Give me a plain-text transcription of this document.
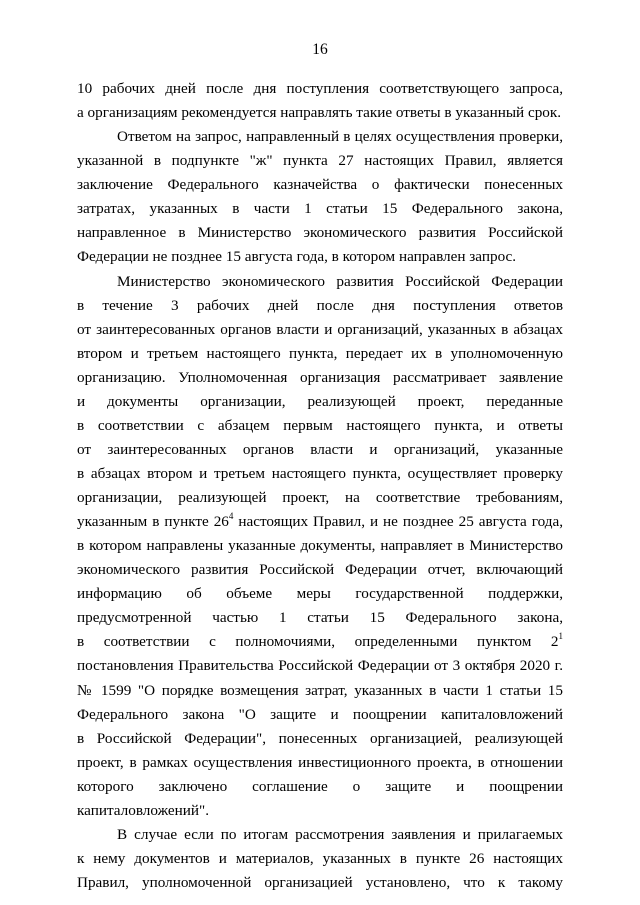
16
10 рабочих дней после дня поступления соответствующего запроса,
а организациям рекомендуется направлять такие ответы в указанный срок.
Ответом на запрос, направленный в целях осуществления проверки,
указанной в подпункте "ж" пункта 27 настоящих Правил, является
заключение Федерального казначейства о фактически понесенных
затратах, указанных в части 1 статьи 15 Федерального закона,
направленное в Министерство экономического развития Российской
Федерации не позднее 15 августа года, в котором направлен запрос.
Министерство экономического развития Российской Федерации
в течение 3 рабочих дней после дня поступления ответов
от заинтересованных органов власти и организаций, указанных в абзацах
втором и третьем настоящего пункта, передает их в уполномоченную
организацию. Уполномоченная организация рассматривает заявление
и документы организации, реализующей проект, переданные
в соответствии с абзацем первым настоящего пункта, и ответы
от заинтересованных органов власти и организаций, указанные
в абзацах втором и третьем настоящего пункта, осуществляет проверку
организации, реализующей проект, на соответствие требованиям,
указанным в пункте $26^4$ настоящих Правил, и не позднее 25 августа года,
в котором направлены указанные документы, направляет в Министерство
экономического развития Российской Федерации отчет, включающий
информацию об объеме меры государственной поддержки,
предусмотренной частью 1 статьи 15 Федерального закона,
в соответствии с полномочиями, определенными пунктом $2^1$
постановления Правительства Российской Федерации от 3 октября 2020 г.
№ 1599 "О порядке возмещения затрат, указанных в части 1 статьи 15
Федерального закона "О защите и поощрении капиталовложений
в Российской Федерации", понесенных организацией, реализующей
проект, в рамках осуществления инвестиционного проекта, в отношении
которого заключено соглашение о защите и поощрении
капиталовложений".
В случае если по итогам рассмотрения заявления и прилагаемых
к нему документов и материалов, указанных в пункте 26 настоящих
Правил, уполномоченной организацией установлено, что к такому
